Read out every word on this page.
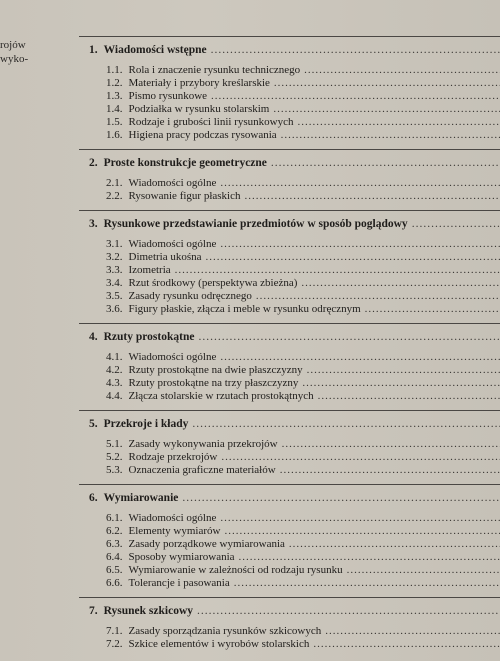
rojów
wyko-
1. Wiadomości wstępne
.....
1.1. Rola i znaczenie rysunku technicznego
.....
1.2. Materiały i przybory kreślarskie
.....
1.3. Pismo rysunkowe
.....
1.4. Podziałka w rysunku stolarskim
.....
1.5. Rodzaje i grubości linii rysunkowych
.....
1.6. Higiena pracy podczas rysowania
.....
2. Proste konstrukcje geometryczne
.....
2.1. Wiadomości ogólne
.....
2.2. Rysowanie figur płaskich
.....
3. Rysunkowe przedstawianie przedmiotów w sposób poglądowy
.....
3.1. Wiadomości ogólne
.....
3.2. Dimetria ukośna
.....
3.3. Izometria
.....
3.4. Rzut środkowy (perspektywa zbieżna)
.....
3.5. Zasady rysunku odręcznego
.....
3.6. Figury płaskie, złącza i meble w rysunku odręcznym
.....
4. Rzuty prostokątne
.....
4.1. Wiadomości ogólne
.....
4.2. Rzuty prostokątne na dwie płaszczyzny
.....
4.3. Rzuty prostokątne na trzy płaszczyzny
.....
4.4. Złącza stolarskie w rzutach prostokątnych
.....
5. Przekroje i kłady
.....
5.1. Zasady wykonywania przekrojów
.....
5.2. Rodzaje przekrojów
.....
5.3. Oznaczenia graficzne materiałów
.....
6. Wymiarowanie
.....
6.1. Wiadomości ogólne
.....
6.2. Elementy wymiarów
.....
6.3. Zasady porządkowe wymiarowania
.....
6.4. Sposoby wymiarowania
.....
6.5. Wymiarowanie w zależności od rodzaju rysunku
.....
6.6. Tolerancje i pasowania
.....
7. Rysunek szkicowy
.....
7.1. Zasady sporządzania rysunków szkicowych
.....
7.2. Szkice elementów i wyrobów stolarskich
.....
